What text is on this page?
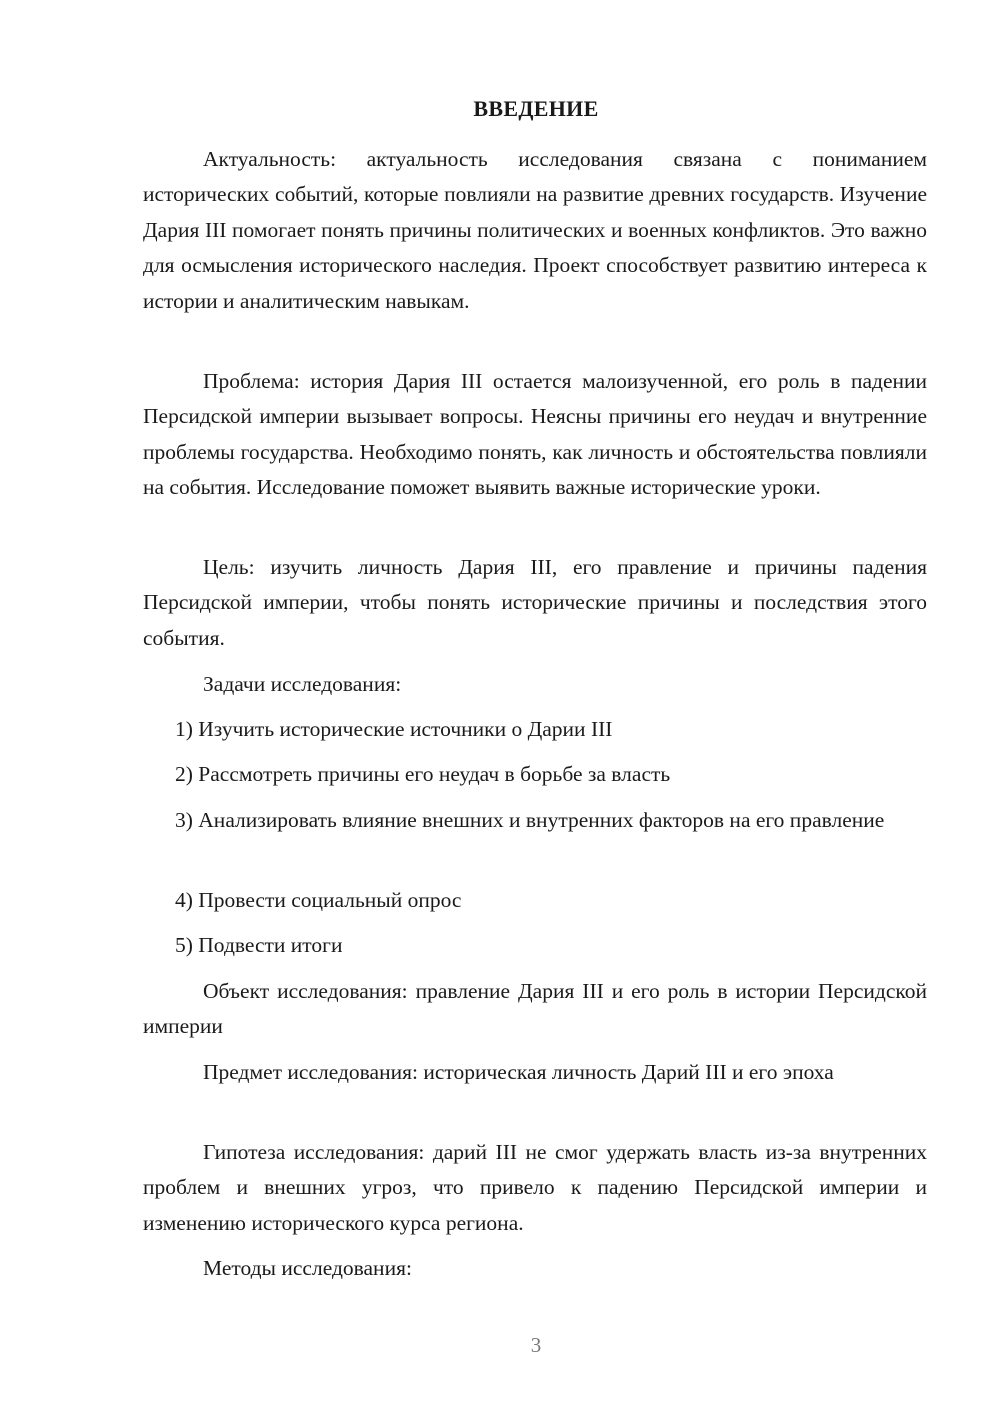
ВВЕДЕНИЕ

Актуальность: актуальность исследования связана с пониманием исторических событий, которые повлияли на развитие древних государств. Изучение Дария III помогает понять причины политических и военных конфликтов. Это важно для осмысления исторического наследия. Проект способствует развитию интереса к истории и аналитическим навыкам.

Проблема: история Дария III остается малоизученной, его роль в падении Персидской империи вызывает вопросы. Неясны причины его неудач и внутренние проблемы государства. Необходимо понять, как личность и обстоятельства повлияли на события. Исследование поможет выявить важные исторические уроки.

Цель: изучить личность Дария III, его правление и причины падения Персидской империи, чтобы понять исторические причины и последствия этого события.

Задачи исследования:

1) Изучить исторические источники о Дарии III

2) Рассмотреть причины его неудач в борьбе за власть

3) Анализировать влияние внешних и внутренних факторов на его правление

4) Провести социальный опрос

5) Подвести итоги

Объект исследования: правление Дария III и его роль в истории Персидской империи

Предмет исследования: историческая личность Дарий III и его эпоха

Гипотеза исследования: дарий III не смог удержать власть из-за внутренних проблем и внешних угроз, что привело к падению Персидской империи и изменению исторического курса региона.

Методы исследования:

3
